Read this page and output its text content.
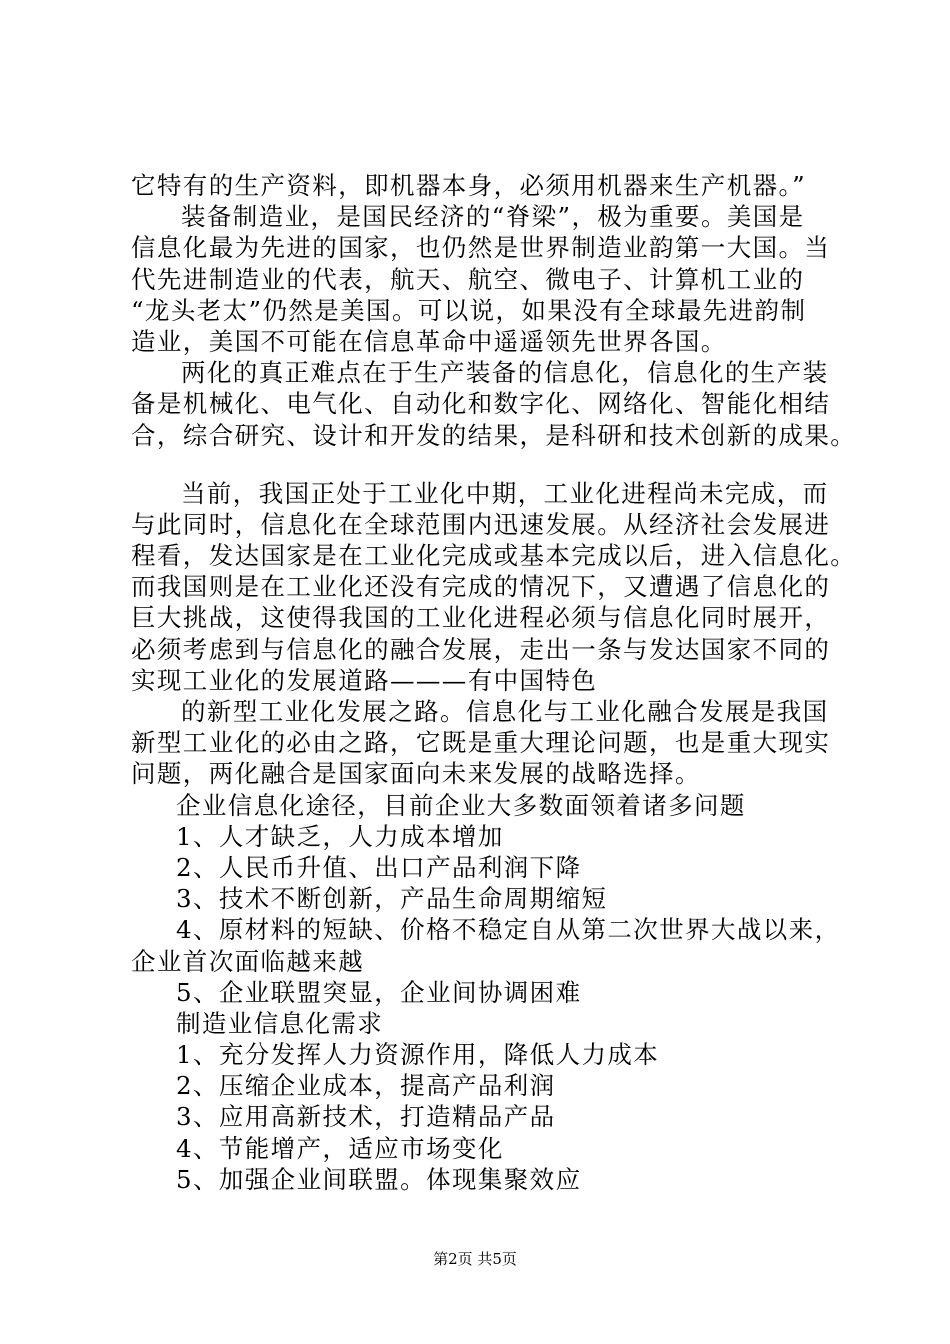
它特有的生产资料，即机器本身，必须用机器来生产机器。”
装备制造业，是国民经济的“脊梁”，极为重要。美国是
信息化最为先进的国家，也仍然是世界制造业韵第一大国。当
代先进制造业的代表，航天、航空、微电子、计算机工业的
“龙头老太”仍然是美国。可以说，如果没有全球最先进韵制
造业，美国不可能在信息革命中遥遥领先世界各国。
两化的真正难点在于生产装备的信息化，信息化的生产装
备是机械化、电气化、自动化和数字化、网络化、智能化相结
合，综合研究、设计和开发的结果，是科研和技术创新的成果。
当前，我国正处于工业化中期，工业化进程尚未完成，而
与此同时，信息化在全球范围内迅速发展。从经济社会发展进
程看，发达国家是在工业化完成或基本完成以后，进入信息化。
而我国则是在工业化还没有完成的情况下，又遭遇了信息化的
巨大挑战，这使得我国的工业化进程必须与信息化同时展开，
必须考虑到与信息化的融合发展，走出一条与发达国家不同的
实现工业化的发展道路———有中国特色
的新型工业化发展之路。信息化与工业化融合发展是我国
新型工业化的必由之路，它既是重大理论问题，也是重大现实
问题，两化融合是国家面向未来发展的战略选择。
企业信息化途径，目前企业大多数面领着诸多问题
1、人才缺乏，人力成本增加
2、人民币升值、出口产品利润下降
3、技术不断创新，产品生命周期缩短
4、原材料的短缺、价格不稳定自从第二次世界大战以来，
企业首次面临越来越
5、企业联盟突显，企业间协调困难
制造业信息化需求
1、充分发挥人力资源作用，降低人力成本
2、压缩企业成本，提高产品利润
3、应用高新技术，打造精品产品
4、节能增产，适应市场变化
5、加强企业间联盟。体现集聚效应
第2页 共5页
